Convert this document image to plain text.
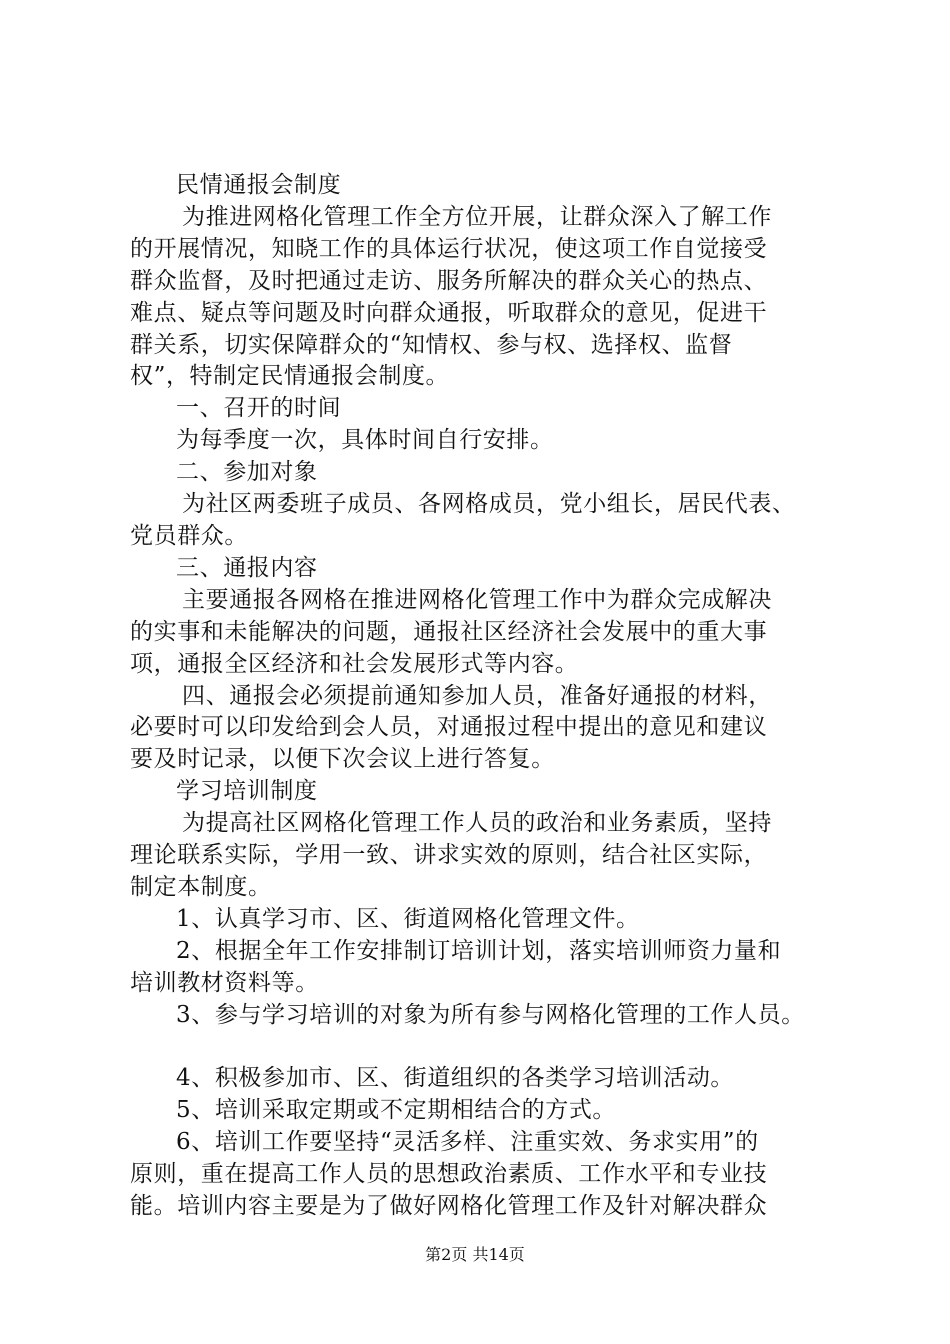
民情通报会制度

为推进网格化管理工作全方位开展，让群众深入了解工作

的开展情况，知晓工作的具体运行状况，使这项工作自觉接受

群众监督，及时把通过走访、服务所解决的群众关心的热点、

难点、疑点等问题及时向群众通报，听取群众的意见，促进干

群关系，切实保障群众的“知情权、参与权、选择权、监督

权”，特制定民情通报会制度。

一、召开的时间

为每季度一次，具体时间自行安排。

二、参加对象

为社区两委班子成员、各网格成员，党小组长，居民代表、

党员群众。

三、通报内容

主要通报各网格在推进网格化管理工作中为群众完成解决

的实事和未能解决的问题，通报社区经济社会发展中的重大事

项，通报全区经济和社会发展形式等内容。

四、通报会必须提前通知参加人员，准备好通报的材料，

必要时可以印发给到会人员，对通报过程中提出的意见和建议

要及时记录，以便下次会议上进行答复。

学习培训制度

为提高社区网格化管理工作人员的政治和业务素质，坚持

理论联系实际，学用一致、讲求实效的原则，结合社区实际，

制定本制度。

1、认真学习市、区、街道网格化管理文件。

2、根据全年工作安排制订培训计划，落实培训师资力量和

培训教材资料等。

3、参与学习培训的对象为所有参与网格化管理的工作人员。

4、积极参加市、区、街道组织的各类学习培训活动。

5、培训采取定期或不定期相结合的方式。

6、培训工作要坚持“灵活多样、注重实效、务求实用”的

原则，重在提高工作人员的思想政治素质、工作水平和专业技

能。培训内容主要是为了做好网格化管理工作及针对解决群众

第2页 共14页
